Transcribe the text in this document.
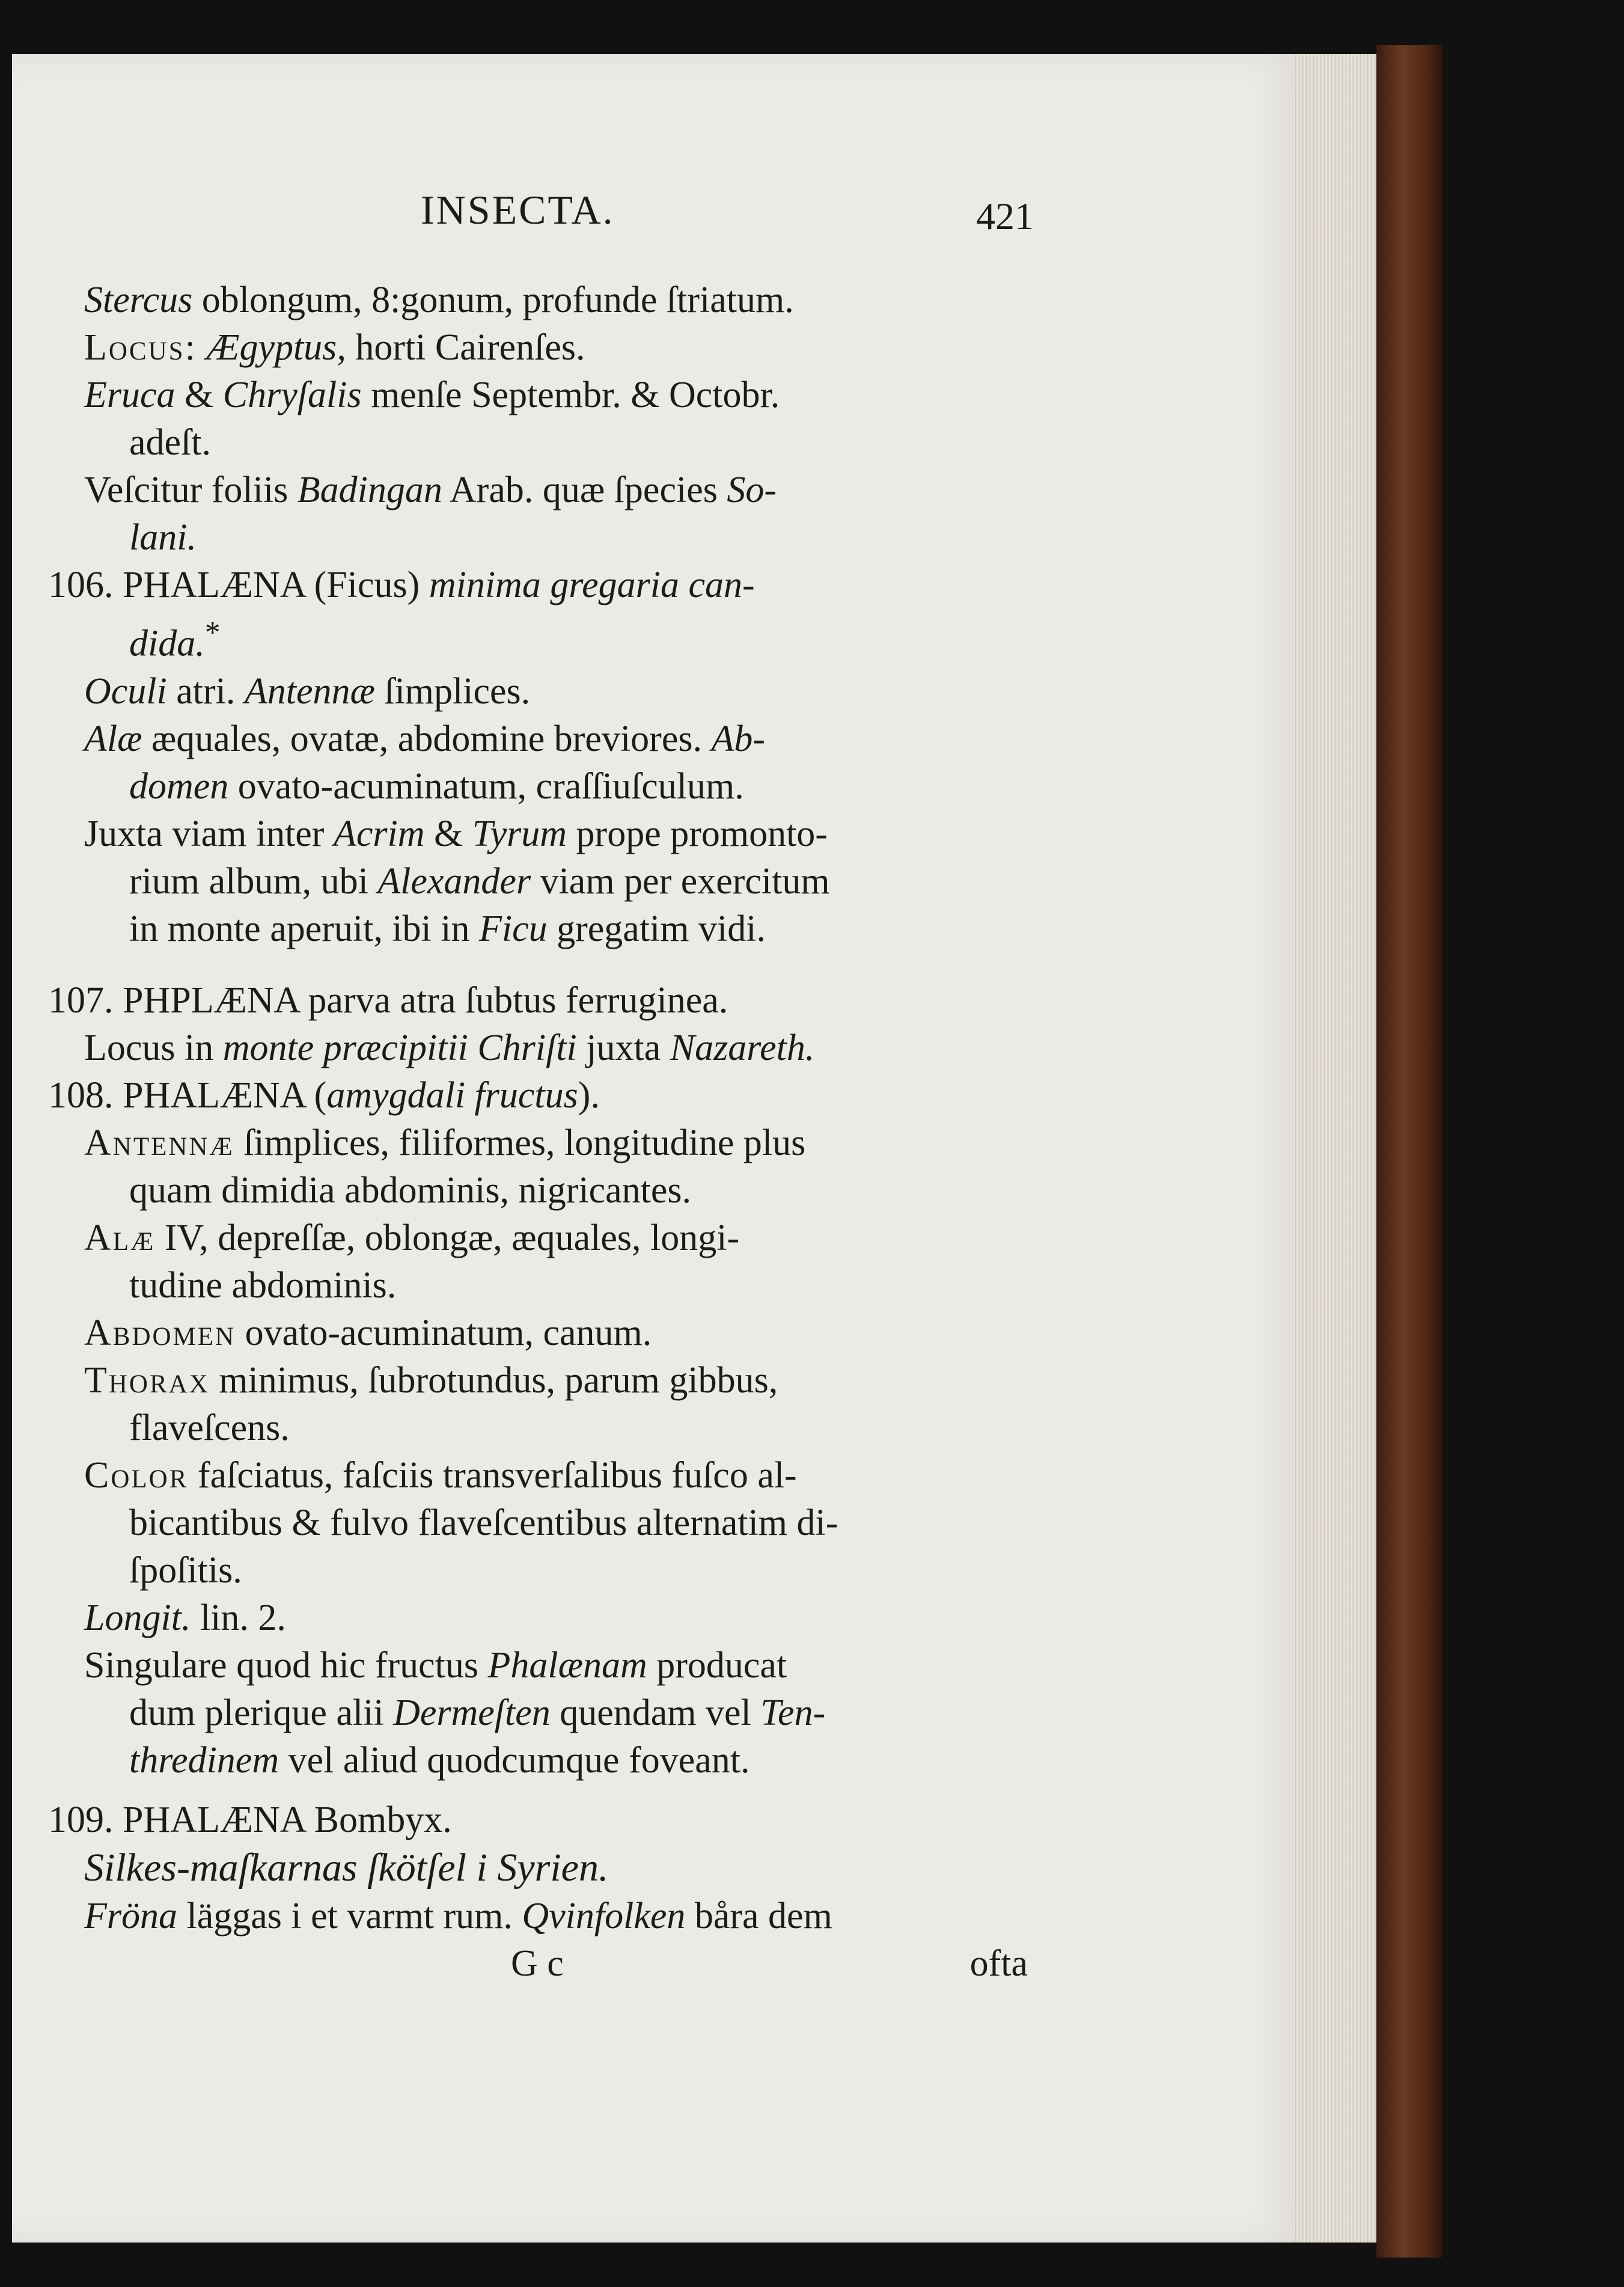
INSECTA.	421
Stercus oblongum, 8:gonum, profunde ſtriatum.
Locus: Ægyptus, horti Cairenſes.
Eruca & Chryſalis menſe Septembr. & Octobr.
adeſt.
Veſcitur foliis Badingan Arab. quæ ſpecies So-
lani.
106. PHALÆNA (Ficus) minima gregaria can-
dida.*
Oculi atri. Antennæ ſimplices.
Alæ æquales, ovatæ, abdomine breviores. Ab-
domen ovato-acuminatum, craſſiuſculum.
Juxta viam inter Acrim & Tyrum prope promonto-
rium album, ubi Alexander viam per exercitum
in monte aperuit, ibi in Ficu gregatim vidi.
107. PHPLÆNA parva atra ſubtus ferruginea.
Locus in monte præcipitii Chriſti juxta Nazareth.
108. PHALÆNA (amygdali fructus).
Antennæ ſimplices, filiformes, longitudine plus
quam dimidia abdominis, nigricantes.
Alæ IV, depreſſæ, oblongæ, æquales, longi-
tudine abdominis.
Abdomen ovato-acuminatum, canum.
Thorax minimus, ſubrotundus, parum gibbus,
flaveſcens.
Color faſciatus, faſciis transverſalibus fuſco al-
bicantibus & fulvo flaveſcentibus alternatim di-
ſpoſitis.
Longit. lin. 2.
Singulare quod hic fructus Phalænam producat
dum plerique alii Dermeſten quendam vel Ten-
thredinem vel aliud quodcumque foveant.
109. PHALÆNA Bombyx.
Silkes-maſkarnas ſkötſel i Syrien.
Fröna läggas i et varmt rum. Qvinfolken båra dem
G c	ofta
